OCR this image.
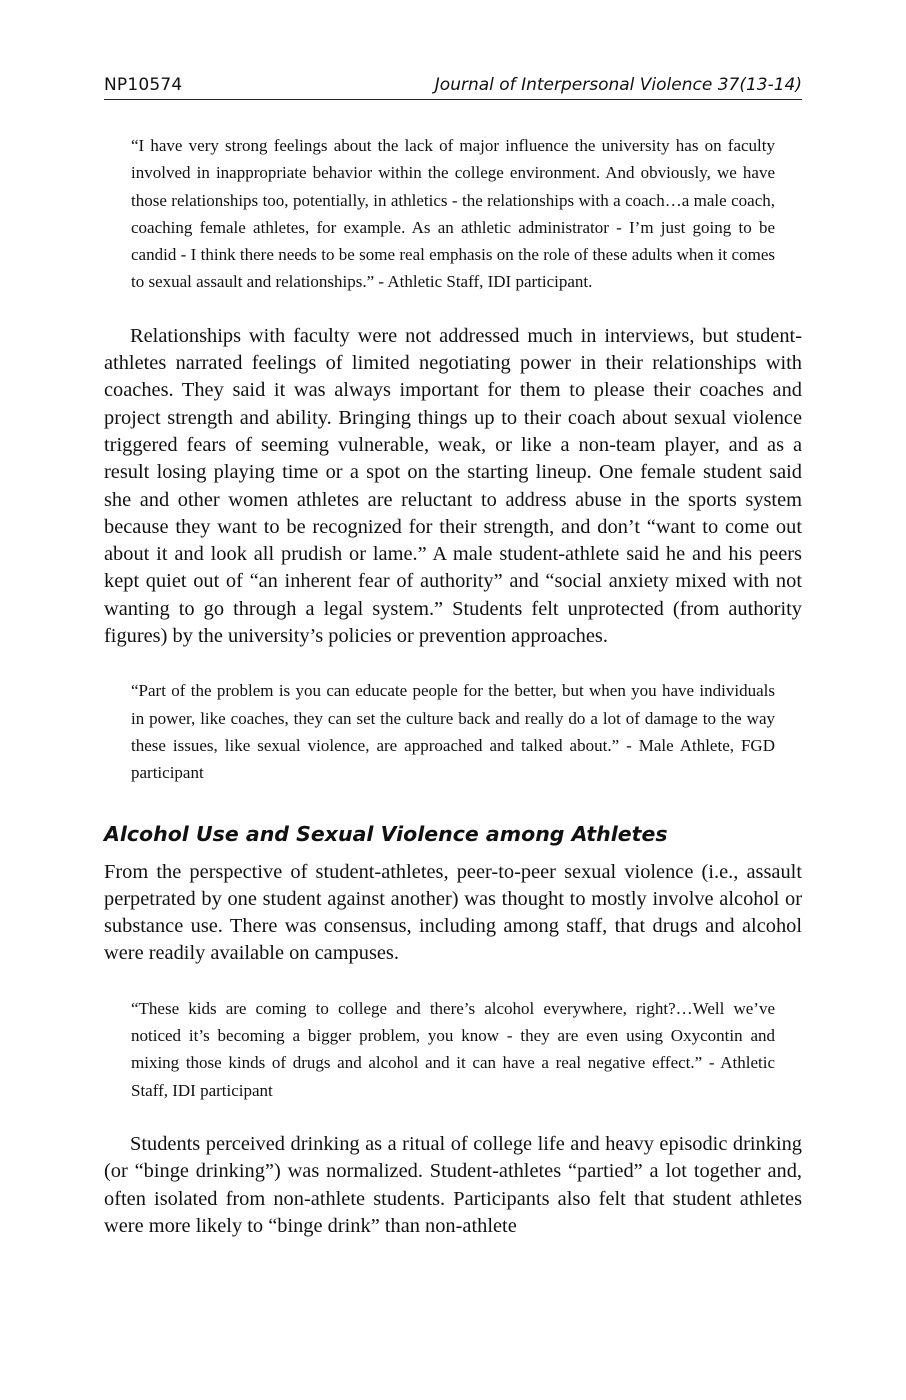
NP10574	Journal of Interpersonal Violence 37(13-14)

“I have very strong feelings about the lack of major influence the university has on faculty involved in inappropriate behavior within the college environment. And obviously, we have those relationships too, potentially, in athletics - the relationships with a coach…a male coach, coaching female athletes, for example. As an athletic administrator - I’m just going to be candid - I think there needs to be some real emphasis on the role of these adults when it comes to sexual assault and relationships.” - Athletic Staff, IDI participant.

Relationships with faculty were not addressed much in interviews, but student-athletes narrated feelings of limited negotiating power in their relationships with coaches. They said it was always important for them to please their coaches and project strength and ability. Bringing things up to their coach about sexual violence triggered fears of seeming vulnerable, weak, or like a non-team player, and as a result losing playing time or a spot on the starting lineup. One female student said she and other women athletes are reluctant to address abuse in the sports system because they want to be recognized for their strength, and don’t “want to come out about it and look all prudish or lame.” A male student-athlete said he and his peers kept quiet out of “an inherent fear of authority” and “social anxiety mixed with not wanting to go through a legal system.” Students felt unprotected (from authority figures) by the university’s policies or prevention approaches.

“Part of the problem is you can educate people for the better, but when you have individuals in power, like coaches, they can set the culture back and really do a lot of damage to the way these issues, like sexual violence, are approached and talked about.” - Male Athlete, FGD participant

Alcohol Use and Sexual Violence among Athletes

From the perspective of student-athletes, peer-to-peer sexual violence (i.e., assault perpetrated by one student against another) was thought to mostly involve alcohol or substance use. There was consensus, including among staff, that drugs and alcohol were readily available on campuses.

“These kids are coming to college and there’s alcohol everywhere, right?…Well we’ve noticed it’s becoming a bigger problem, you know - they are even using Oxycontin and mixing those kinds of drugs and alcohol and it can have a real negative effect.” - Athletic Staff, IDI participant

Students perceived drinking as a ritual of college life and heavy episodic drinking (or “binge drinking”) was normalized. Student-athletes “partied” a lot together and, often isolated from non-athlete students. Participants also felt that student athletes were more likely to “binge drink” than non-athlete
